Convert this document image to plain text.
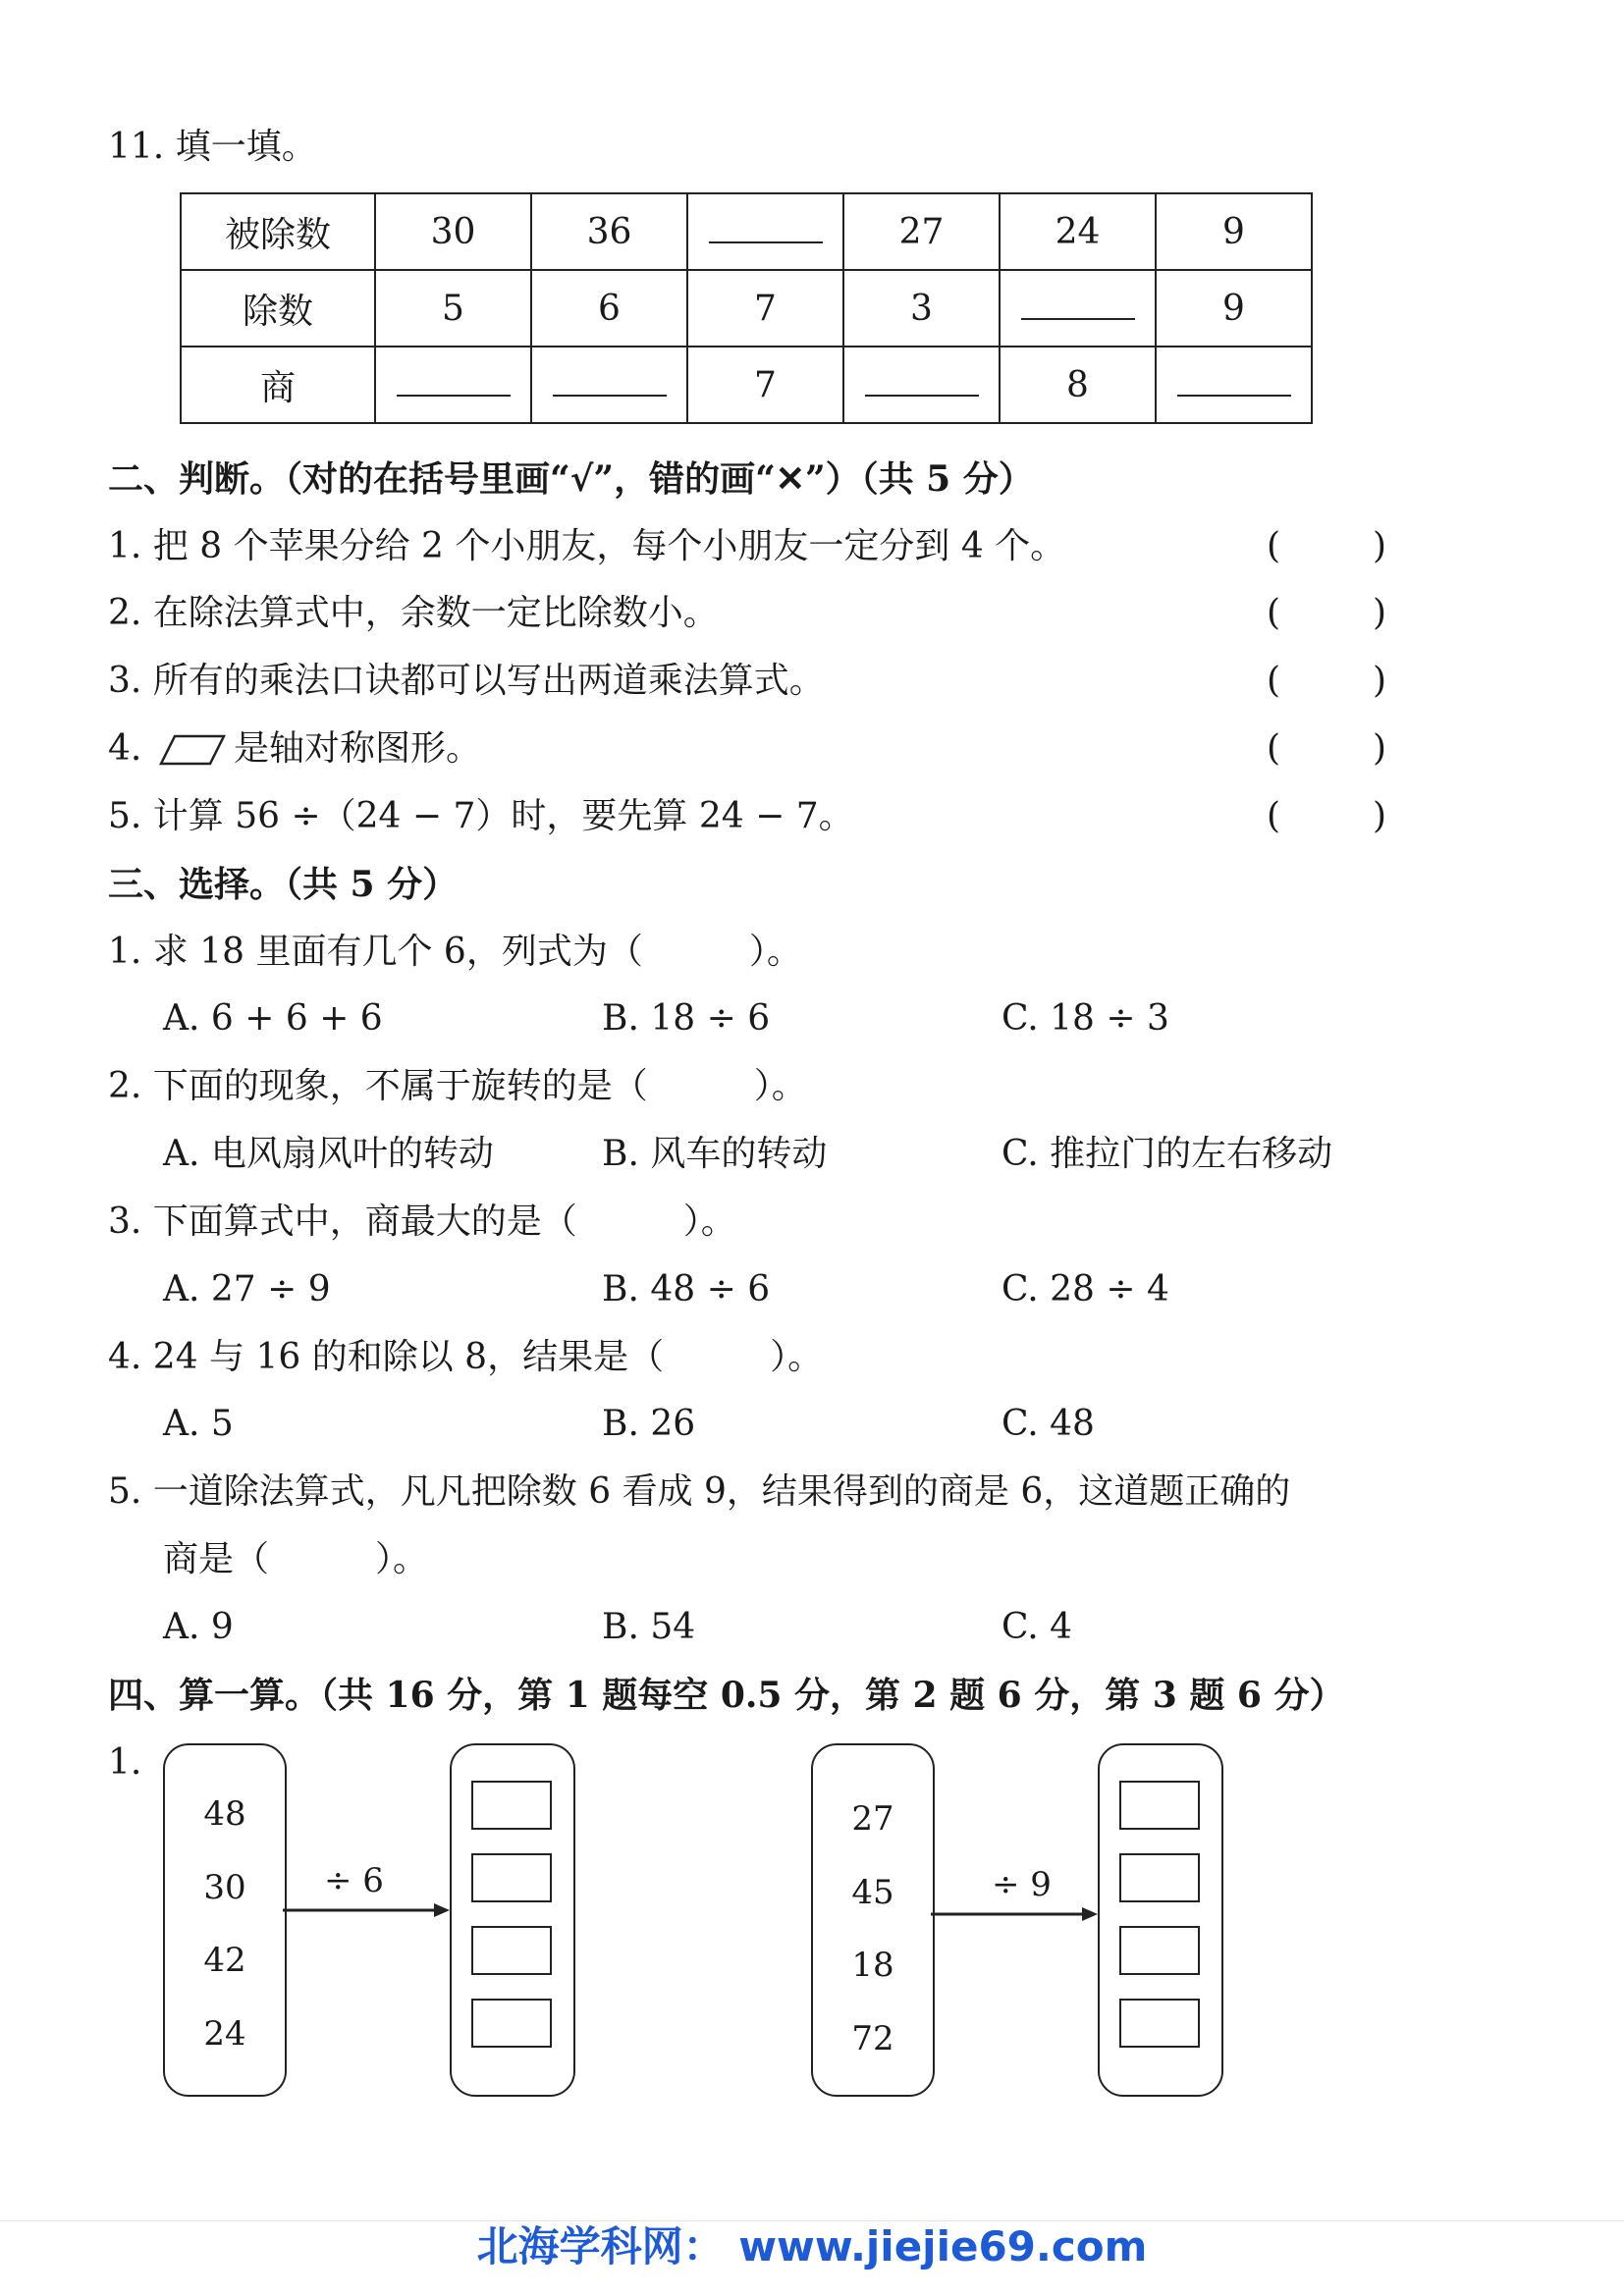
11. 填一填。
被除数	30	36		27	24	9
除数	5	6	7	3		9
商			7		8	
二、判断。（对的在括号里画“√”，错的画“✕”）（共 5 分）
1. 把 8 个苹果分给 2 个小朋友，每个小朋友一定分到 4 个。	(	)
2. 在除法算式中，余数一定比除数小。	(	)
3. 所有的乘法口诀都可以写出两道乘法算式。	(	)
4.	是轴对称图形。	(	)
5. 计算 56 ÷（24 − 7）时，要先算 24 − 7。	(	)
三、选择。（共 5 分）
1. 求 18 里面有几个 6，列式为（　　　）。
A. 6 + 6 + 6	B. 18 ÷ 6	C. 18 ÷ 3
2. 下面的现象，不属于旋转的是（　　　）。
A. 电风扇风叶的转动	B. 风车的转动	C. 推拉门的左右移动
3. 下面算式中，商最大的是（　　　）。
A. 27 ÷ 9	B. 48 ÷ 6	C. 28 ÷ 4
4. 24 与 16 的和除以 8，结果是（　　　）。
A. 5	B. 26	C. 48
5. 一道除法算式，凡凡把除数 6 看成 9，结果得到的商是 6，这道题正确的
商是（　　　）。
A. 9	B. 54	C. 4
四、算一算。（共 16 分，第 1 题每空 0.5 分，第 2 题 6 分，第 3 题 6 分）
1.
48
30
42
24
÷ 6
27
45
18
72
÷ 9
北海学科网： www.jiejie69.com
